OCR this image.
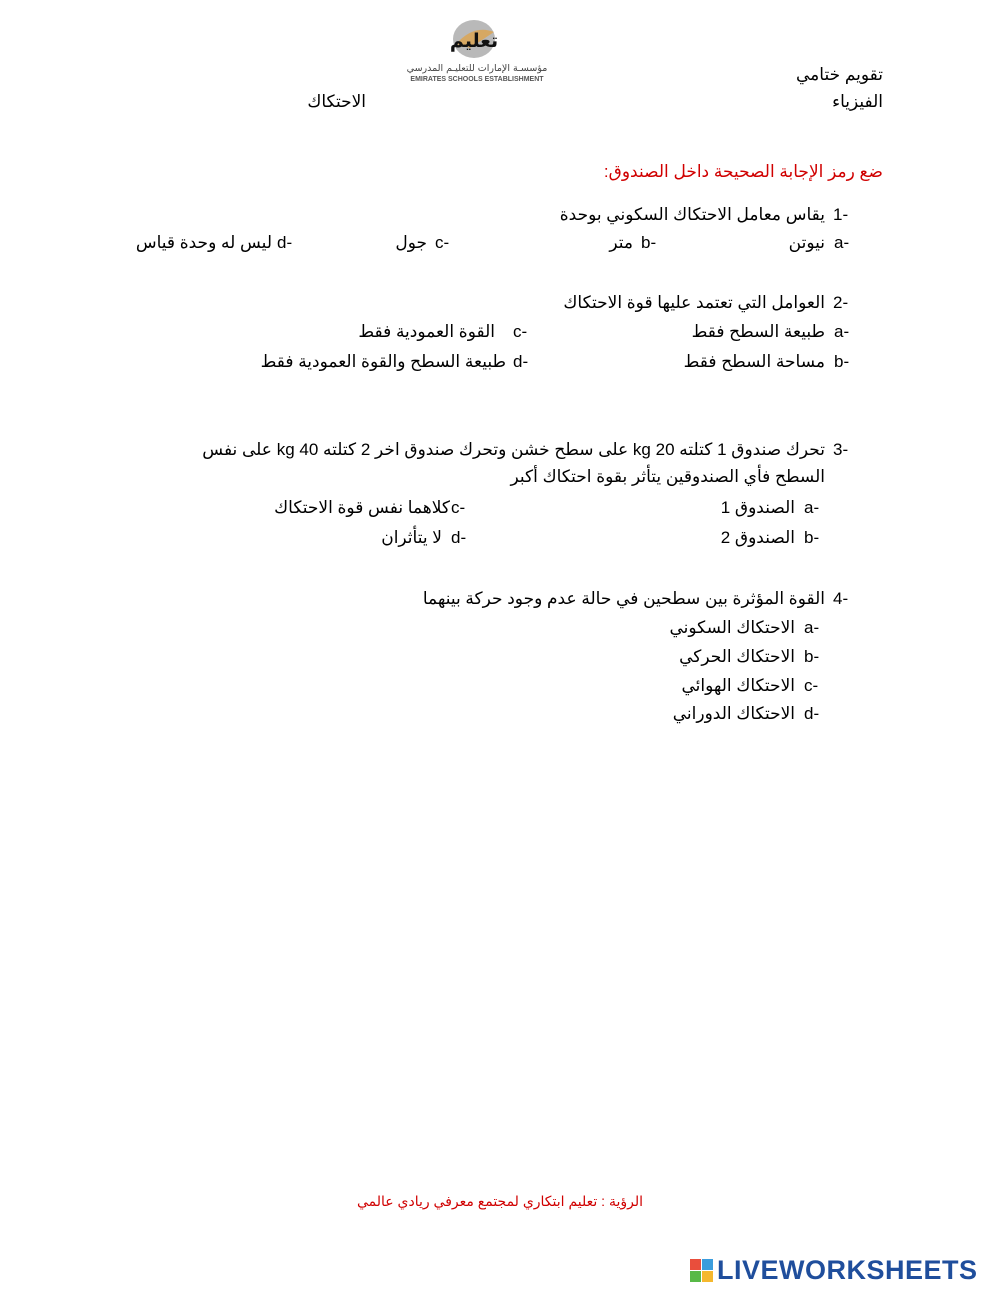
تعليم
مؤسسـة الإمارات للتعليـم المدرسي
EMIRATES SCHOOLS ESTABLISHMENT	تقويم ختامي
الفيزياء
الاحتكاك
ضع رمز الإجابة الصحيحة داخل الصندوق:
1-
يقاس معامل الاحتكاك السكوني بوحدة
a-
نيوتن
b-
متر
c-
جول
d-
ليس له وحدة قياس
2-
العوامل التي تعتمد عليها قوة الاحتكاك
a-
طبيعة السطح فقط
b-
مساحة السطح فقط
c-
القوة العمودية فقط
d-
طبيعة السطح والقوة العمودية فقط
3-
تحرك صندوق 1 كتلته 20 kg على سطح خشن وتحرك صندوق اخر 2 كتلته 40 kg على نفس
السطح فأي الصندوقين يتأثر بقوة احتكاك أكبر
a-
الصندوق 1
b-
الصندوق 2
c-
كلاهما نفس قوة الاحتكاك
d-
لا يتأثران
4-
القوة المؤثرة بين سطحين في حالة عدم وجود حركة بينهما
a-
الاحتكاك السكوني
b-
الاحتكاك الحركي
c-
الاحتكاك الهوائي
d-
الاحتكاك الدوراني
الرؤية : تعليم ابتكاري لمجتمع معرفي ريادي عالمي
LIVEWORKSHEETS
